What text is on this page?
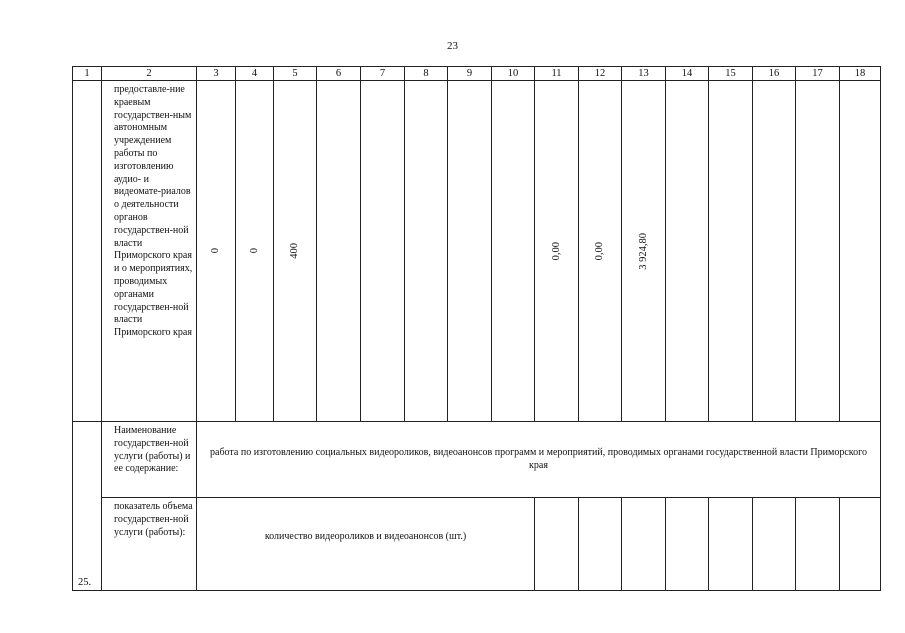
23
1	2	3	4	5	6	7	8	9	10	11	12	13	14	15	16	17	18
	предоставле-ние краевым государствен-ным автономным учреждением работы по изготовлению аудио- и видеомате-риалов о деятельности органов государствен-ной власти Приморского края и о мероприятиях, проводимых органами государствен-ной власти Приморского края	0	0	400						0,00	0,00	3 924,80					

25.	Наименование государствен-ной услуги (работы) и ее содержание:	работа по изготовлению социальных видеороликов, видеоанонсов программ и мероприятий, проводимых органами государственной власти Приморского края															
	показатель объема государствен-ной услуги (работы):	количество видеороликов и видеоанонсов (шт.)															
